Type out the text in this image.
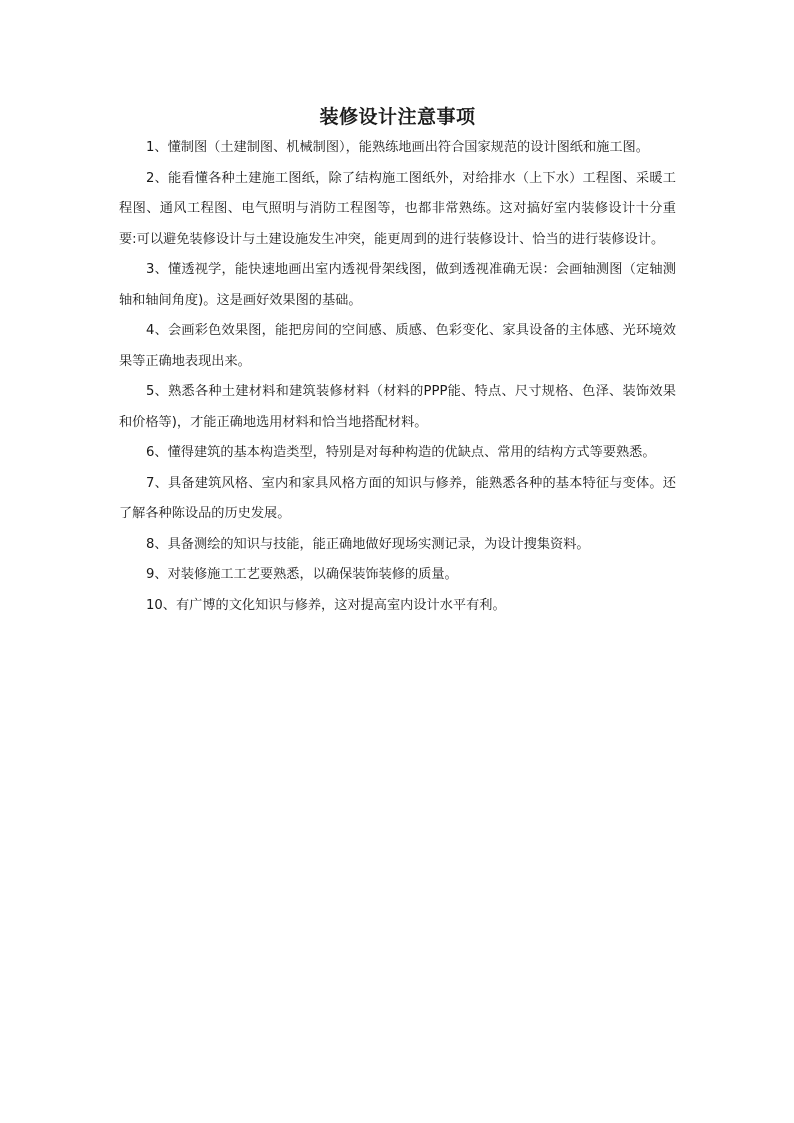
装修设计注意事项

1、懂制图（土建制图、机械制图），能熟练地画出符合国家规范的设计图纸和施工图。

2、能看懂各种土建施工图纸，除了结构施工图纸外，对给排水（上下水）工程图、采暖工程图、通风工程图、电气照明与消防工程图等，也都非常熟练。这对搞好室内装修设计十分重要:可以避免装修设计与土建设施发生冲突，能更周到的进行装修设计、恰当的进行装修设计。

3、懂透视学，能快速地画出室内透视骨架线图，做到透视准确无误：会画轴测图（定轴测轴和轴间角度)。这是画好效果图的基础。

4、会画彩色效果图，能把房间的空间感、质感、色彩变化、家具设备的主体感、光环境效果等正确地表现出来。

5、熟悉各种土建材料和建筑装修材料（材料的PPP能、特点、尺寸规格、色泽、装饰效果和价格等)，才能正确地选用材料和恰当地搭配材料。

6、懂得建筑的基本构造类型，特别是对每种构造的优缺点、常用的结构方式等要熟悉。

7、具备建筑风格、室内和家具风格方面的知识与修养，能熟悉各种的基本特征与变体。还了解各种陈设品的历史发展。

8、具备测绘的知识与技能，能正确地做好现场实测记录，为设计搜集资料。

9、对装修施工工艺要熟悉，以确保装饰装修的质量。

10、有广博的文化知识与修养，这对提高室内设计水平有利。
